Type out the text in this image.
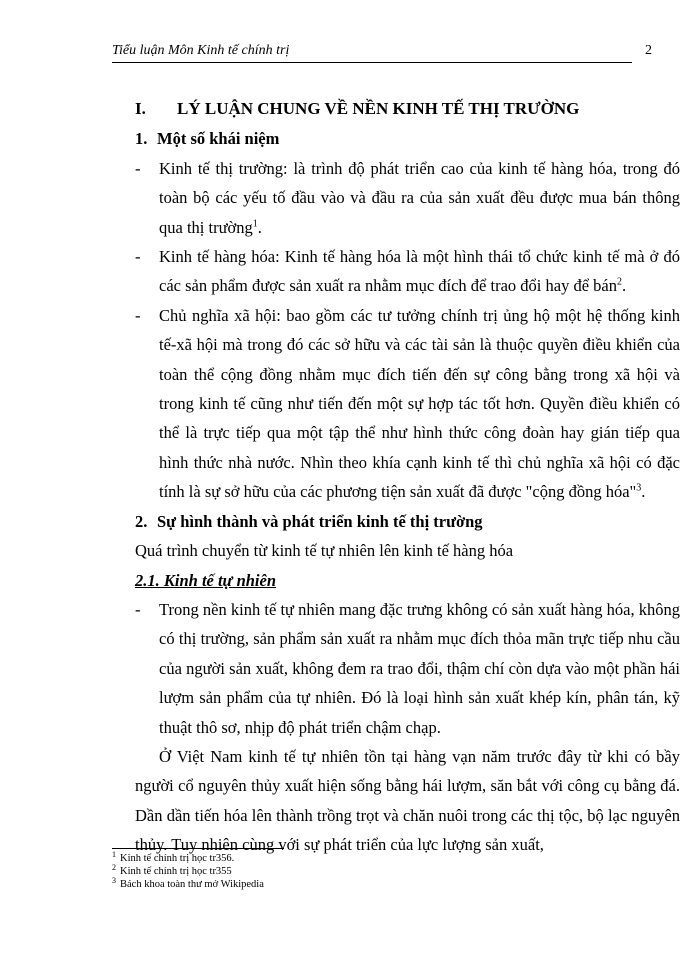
Tiểu luận Môn Kinh tế chính trị	2
I. LÝ LUẬN CHUNG VỀ NỀN KINH TẾ THỊ TRƯỜNG
1. Một số khái niệm
- Kinh tế thị trường: là trình độ phát triển cao của kinh tế hàng hóa, trong đó toàn bộ các yếu tố đầu vào và đầu ra của sản xuất đều được mua bán thông qua thị trường$^1$.
- Kinh tế hàng hóa: Kinh tế hàng hóa là một hình thái tổ chức kinh tế mà ở đó các sản phẩm được sản xuất ra nhằm mục đích để trao đổi hay để bán$^2$.
- Chủ nghĩa xã hội: bao gồm các tư tưởng chính trị ủng hộ một hệ thống kinh tế-xã hội mà trong đó các sở hữu và các tài sản là thuộc quyền điều khiển của toàn thể cộng đồng nhằm mục đích tiến đến sự công bằng trong xã hội và trong kinh tế cũng như tiến đến một sự hợp tác tốt hơn. Quyền điều khiển có thể là trực tiếp qua một tập thể như hình thức công đoàn hay gián tiếp qua hình thức nhà nước. Nhìn theo khía cạnh kinh tế thì chủ nghĩa xã hội có đặc tính là sự sở hữu của các phương tiện sản xuất đã được "cộng đồng hóa"$^3$.
2. Sự hình thành và phát triển kinh tế thị trường
Quá trình chuyển từ kinh tế tự nhiên lên kinh tế hàng hóa
2.1. Kinh tế tự nhiên
- Trong nền kinh tế tự nhiên mang đặc trưng không có sản xuất hàng hóa, không có thị trường, sản phẩm sản xuất ra nhằm mục đích thỏa mãn trực tiếp nhu cầu của người sản xuất, không đem ra trao đổi, thậm chí còn dựa vào một phần hái lượm sản phẩm của tự nhiên. Đó là loại hình sản xuất khép kín, phân tán, kỹ thuật thô sơ, nhịp độ phát triển chậm chạp.
Ở Việt Nam kinh tế tự nhiên tồn tại hàng vạn năm trước đây từ khi có bầy người cổ nguyên thủy xuất hiện sống bằng hái lượm, săn bắt với công cụ bằng đá. Dần dần tiến hóa lên thành trồng trọt và chăn nuôi trong các thị tộc, bộ lạc nguyên thủy. Tuy nhiên cùng với sự phát triển của lực lượng sản xuất,
$^1$ Kinh tế chính trị học tr356.
$^2$ Kinh tế chính trị học tr355
$^3$ Bách khoa toàn thư mở Wikipedia
